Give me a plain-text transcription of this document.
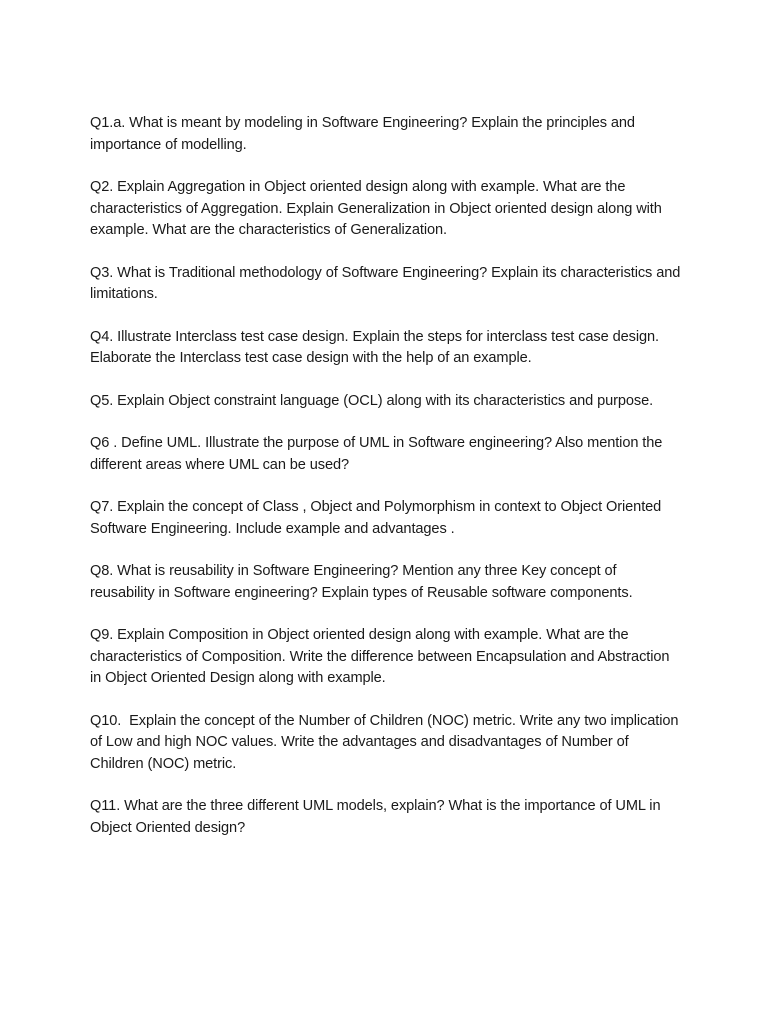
Q1.a. What is meant by modeling in Software Engineering? Explain the principles and importance of modelling.
Q2. Explain Aggregation in Object oriented design along with example. What are the characteristics of Aggregation. Explain Generalization in Object oriented design along with example. What are the characteristics of Generalization.
Q3. What is Traditional methodology of Software Engineering? Explain its characteristics and limitations.
Q4. Illustrate Interclass test case design. Explain the steps for interclass test case design. Elaborate the Interclass test case design with the help of an example.
Q5. Explain Object constraint language (OCL) along with its characteristics and purpose.
Q6 . Define UML. Illustrate the purpose of UML in Software engineering? Also mention the different areas where UML can be used?
Q7. Explain the concept of Class , Object and Polymorphism in context to Object Oriented Software Engineering. Include example and advantages .
Q8. What is reusability in Software Engineering? Mention any three Key concept of reusability in Software engineering? Explain types of Reusable software components.
Q9. Explain Composition in Object oriented design along with example. What are the characteristics of Composition. Write the difference between Encapsulation and Abstraction in Object Oriented Design along with example.
Q10.  Explain the concept of the Number of Children (NOC) metric. Write any two implication of Low and high NOC values. Write the advantages and disadvantages of Number of Children (NOC) metric.
Q11. What are the three different UML models, explain? What is the importance of UML in Object Oriented design?
